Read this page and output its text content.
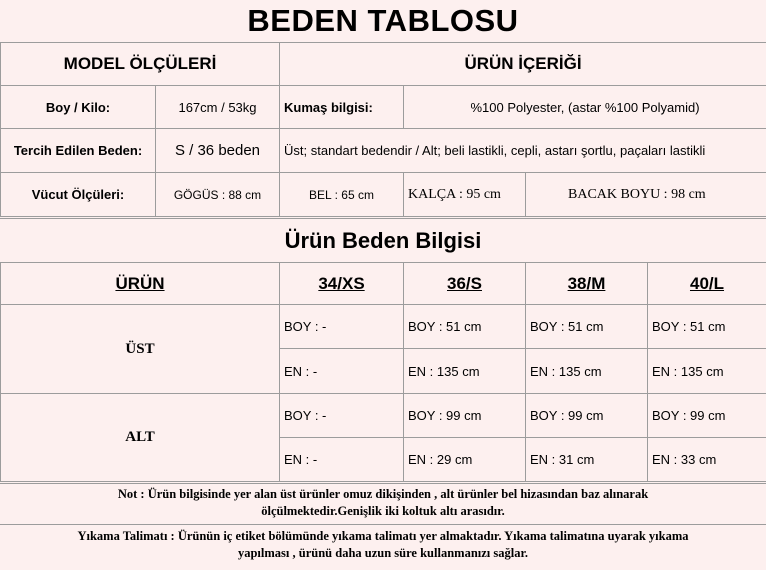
BEDEN TABLOSU
MODEL ÖLÇÜLERİ		ÜRÜN İÇERİĞİ		
Boy / Kilo:	167cm / 53kg	Kumaş bilgisi:	%100 Polyester, (astar %100 Polyamid)	
Tercih Edilen Beden:	S / 36 beden	Üst; standart bedendir / Alt; beli lastikli, cepli, astarı şortlu, paçaları lastikli		
Vücut Ölçüleri:	GÖGÜS : 88 cm	BEL : 65 cm	KALÇA : 95 cm	BACAK BOYU : 98 cm
Ürün Beden Bilgisi
ÜRÜN	34/XS	36/S	38/M	40/L
ÜST	BOY : -	BOY : 51 cm	BOY : 51 cm	BOY : 51 cm
	EN : -	EN : 135 cm	EN : 135 cm	EN : 135 cm
ALT	BOY : -	BOY : 99 cm	BOY : 99 cm	BOY : 99 cm
	EN : -	EN : 29 cm	EN : 31 cm	EN : 33 cm
Not : Ürün bilgisinde yer alan üst ürünler omuz dikişinden , alt ürünler bel hizasından baz alınarak
ölçülmektedir.Genişlik iki koltuk altı arasıdır.
Yıkama Talimatı : Ürünün iç etiket bölümünde yıkama talimatı yer almaktadır. Yıkama talimatına uyarak yıkama
yapılması , ürünü daha uzun süre kullanmanızı sağlar.
